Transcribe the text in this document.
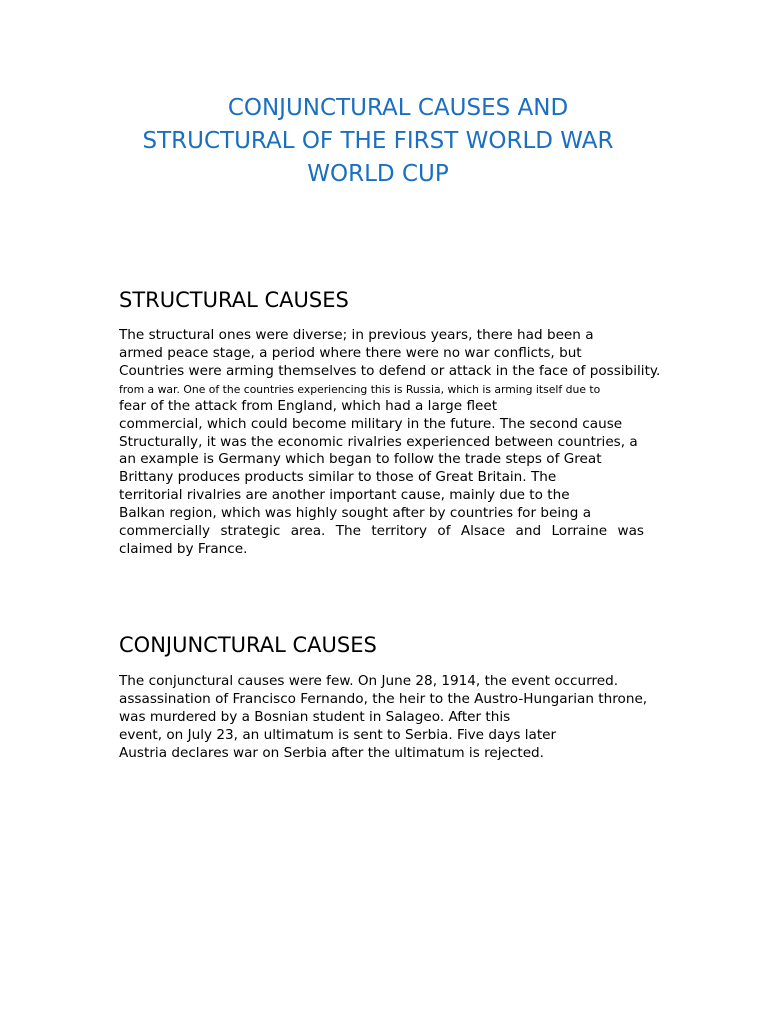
CONJUNCTURAL CAUSES AND
STRUCTURAL OF THE FIRST WORLD WAR
WORLD CUP
STRUCTURAL CAUSES
The structural ones were diverse; in previous years, there had been a
armed peace stage, a period where there were no war conflicts, but
Countries were arming themselves to defend or attack in the face of possibility.
from a war. One of the countries experiencing this is Russia, which is arming itself due to
fear of the attack from England, which had a large fleet
commercial, which could become military in the future. The second cause
Structurally, it was the economic rivalries experienced between countries, a
an example is Germany which began to follow the trade steps of Great
Brittany produces products similar to those of Great Britain. The
territorial rivalries are another important cause, mainly due to the
Balkan region, which was highly sought after by countries for being a
commercially strategic area. The territory of Alsace and Lorraine was
claimed by France.
CONJUNCTURAL CAUSES
The conjunctural causes were few. On June 28, 1914, the event occurred.
assassination of Francisco Fernando, the heir to the Austro-Hungarian throne,
was murdered by a Bosnian student in Salageo. After this
event, on July 23, an ultimatum is sent to Serbia. Five days later
Austria declares war on Serbia after the ultimatum is rejected.
